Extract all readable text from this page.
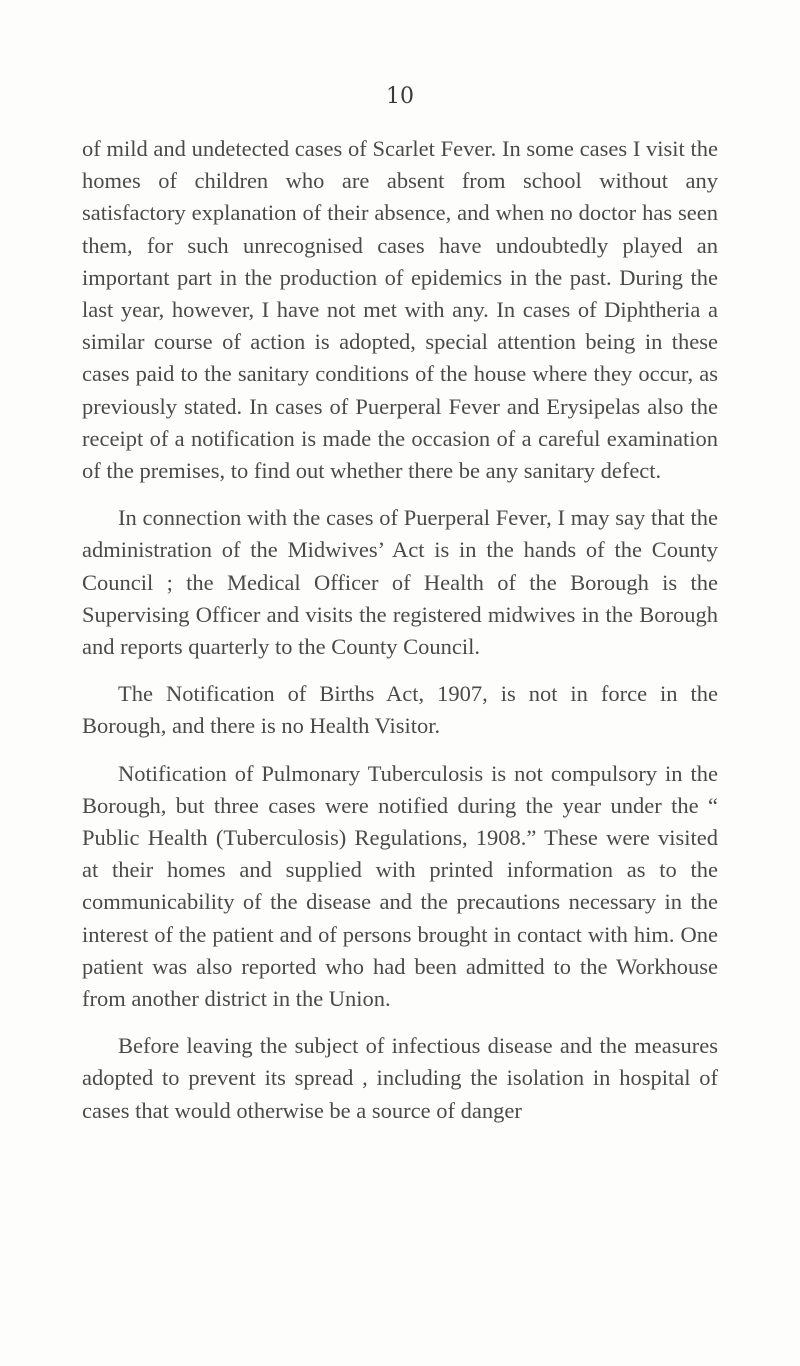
10

of mild and undetected cases of Scarlet Fever. In some cases I visit the homes of children who are absent from school without any satisfactory explanation of their absence, and when no doctor has seen them, for such unrecognised cases have undoubtedly played an important part in the production of epidemics in the past. During the last year, however, I have not met with any. In cases of Diphtheria a similar course of action is adopted, special attention being in these cases paid to the sanitary conditions of the house where they occur, as previously stated. In cases of Puerperal Fever and Erysipelas also the receipt of a notification is made the occasion of a careful examination of the premises, to find out whether there be any sanitary defect.

In connection with the cases of Puerperal Fever, I may say that the administration of the Midwives’ Act is in the hands of the County Council ; the Medical Officer of Health of the Borough is the Supervising Officer and visits the registered midwives in the Borough and reports quarterly to the County Council.

The Notification of Births Act, 1907, is not in force in the Borough, and there is no Health Visitor.

Notification of Pulmonary Tuberculosis is not compulsory in the Borough, but three cases were notified during the year under the “ Public Health (Tuberculosis) Regulations, 1908.” These were visited at their homes and supplied with printed information as to the communicability of the disease and the precautions necessary in the interest of the patient and of persons brought in contact with him. One patient was also reported who had been admitted to the Workhouse from another district in the Union.

Before leaving the subject of infectious disease and the measures adopted to prevent its spread , including the isolation in hospital of cases that would otherwise be a source of danger
